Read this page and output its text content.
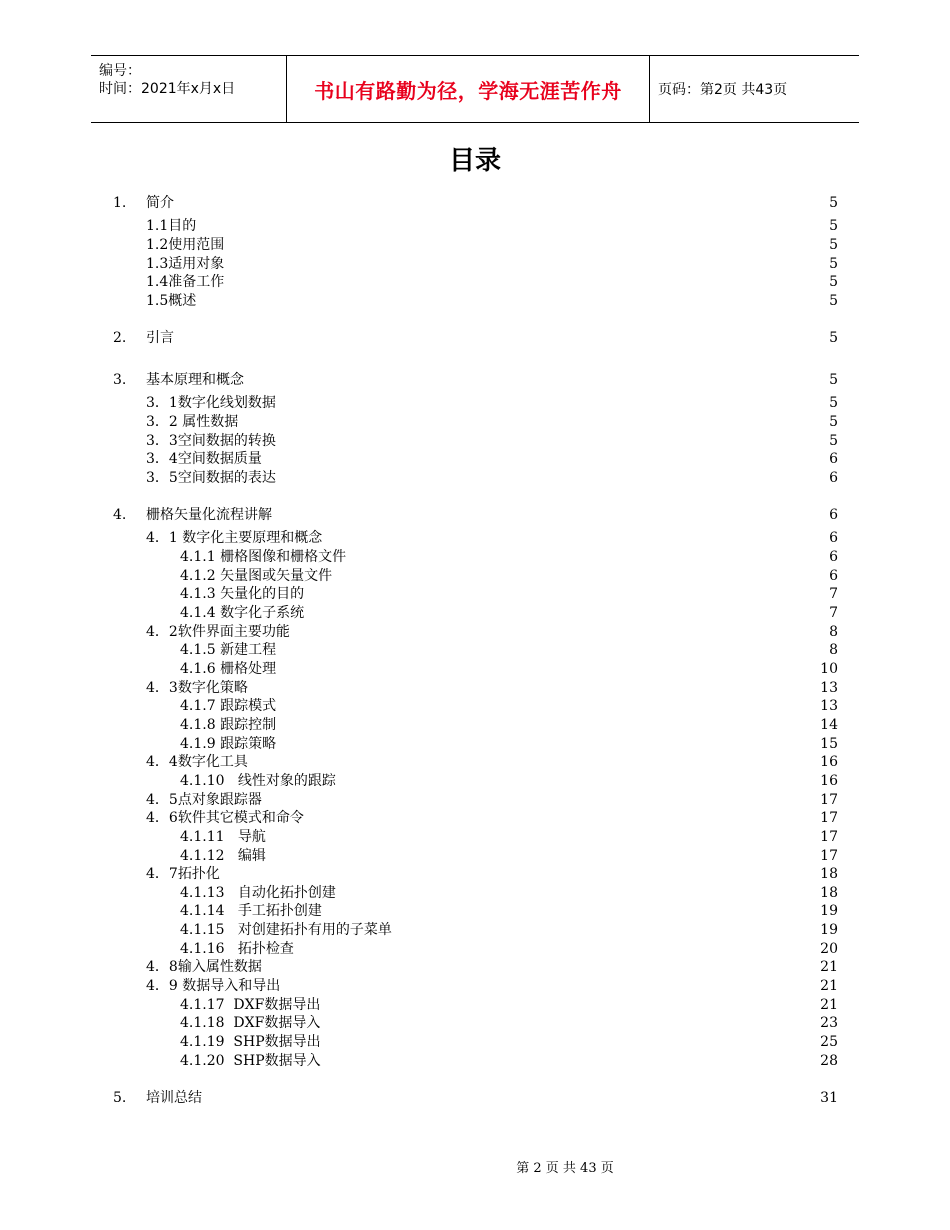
编号：
时间：2021年x月x日	书山有路勤为径，学海无涯苦作舟	页码：第2页 共43页
目录
1. 简介	5
1.1目的	5
1.2使用范围	5
1.3适用对象	5
1.4准备工作	5
1.5概述	5
2. 引言	5
3. 基本原理和概念	5
3．1数字化线划数据	5
3．2 属性数据	5
3．3空间数据的转换	5
3．4空间数据质量	6
3．5空间数据的表达	6
4. 栅格矢量化流程讲解	6
4．1 数字化主要原理和概念	6
4.1.1 栅格图像和栅格文件	6
4.1.2 矢量图或矢量文件	6
4.1.3 矢量化的目的	7
4.1.4 数字化子系统	7
4．2软件界面主要功能	8
4.1.5 新建工程	8
4.1.6 栅格处理	10
4．3数字化策略	13
4.1.7 跟踪模式	13
4.1.8 跟踪控制	14
4.1.9 跟踪策略	15
4．4数字化工具	16
4.1.10   线性对象的跟踪	16
4．5点对象跟踪器	17
4．6软件其它模式和命令	17
4.1.11   导航	17
4.1.12   编辑	17
4．7拓扑化	18
4.1.13   自动化拓扑创建	18
4.1.14   手工拓扑创建	19
4.1.15   对创建拓扑有用的子菜单	19
4.1.16   拓扑检查	20
4．8输入属性数据	21
4．9 数据导入和导出	21
4.1.17  DXF数据导出	21
4.1.18  DXF数据导入	23
4.1.19  SHP数据导出	25
4.1.20  SHP数据导入	28
5. 培训总结	31
第 2 页 共 43 页
